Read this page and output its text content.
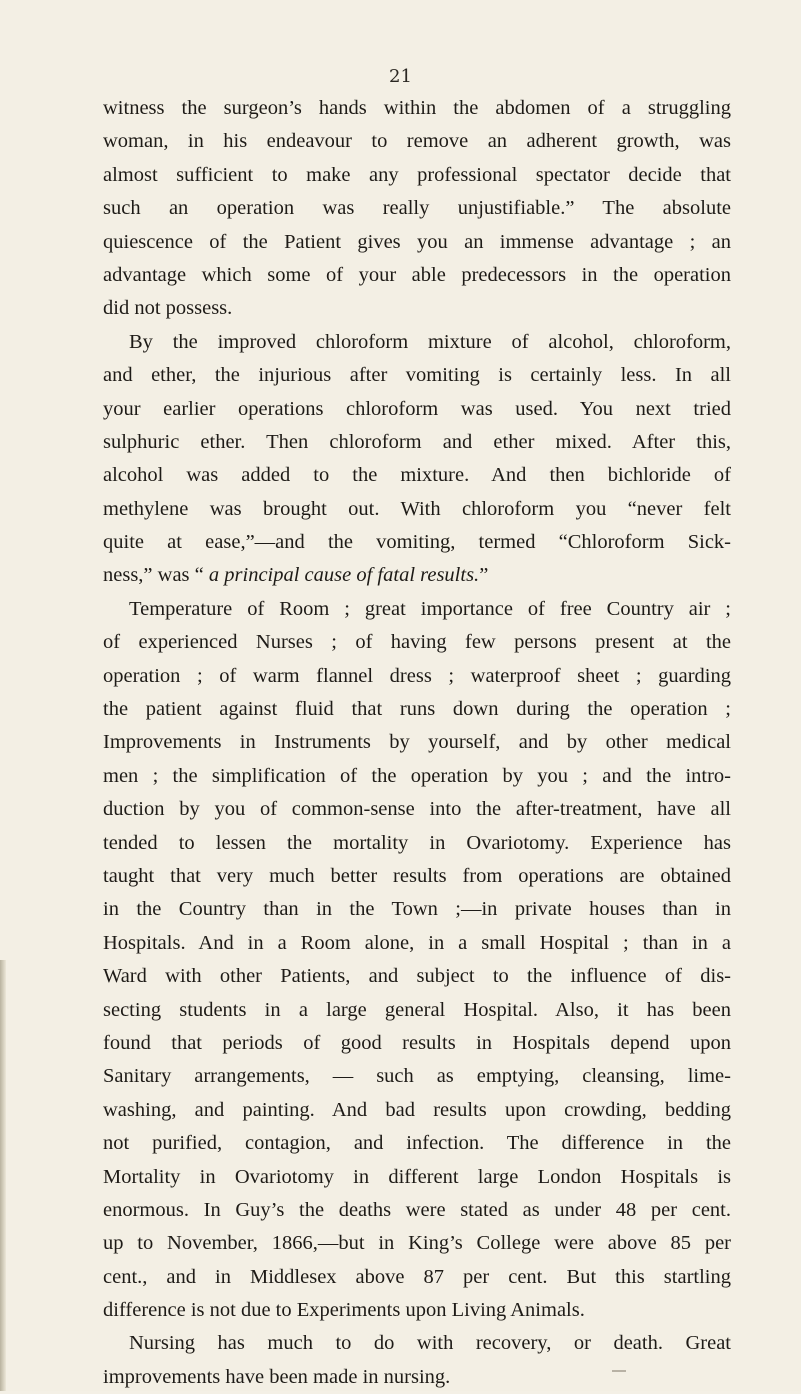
21
witness the surgeon’s hands within the abdomen of a struggling
woman, in his endeavour to remove an adherent growth, was
almost sufficient to make any professional spectator decide that
such an operation was really unjustifiable.” The absolute
quiescence of the Patient gives you an immense advantage ; an
advantage which some of your able predecessors in the operation
did not possess.
By the improved chloroform mixture of alcohol, chloroform,
and ether, the injurious after vomiting is certainly less. In all
your earlier operations chloroform was used. You next tried
sulphuric ether. Then chloroform and ether mixed. After this,
alcohol was added to the mixture. And then bichloride of
methylene was brought out. With chloroform you “never felt
quite at ease,”—and the vomiting, termed “Chloroform Sick-
ness,” was “ a principal cause of fatal results.”
Temperature of Room ; great importance of free Country air ;
of experienced Nurses ; of having few persons present at the
operation ; of warm flannel dress ; waterproof sheet ; guarding
the patient against fluid that runs down during the operation ;
Improvements in Instruments by yourself, and by other medical
men ; the simplification of the operation by you ; and the intro-
duction by you of common-sense into the after-treatment, have all
tended to lessen the mortality in Ovariotomy. Experience has
taught that very much better results from operations are obtained
in the Country than in the Town ;—in private houses than in
Hospitals. And in a Room alone, in a small Hospital ; than in a
Ward with other Patients, and subject to the influence of dis-
secting students in a large general Hospital. Also, it has been
found that periods of good results in Hospitals depend upon
Sanitary arrangements, — such as emptying, cleansing, lime-
washing, and painting. And bad results upon crowding, bedding
not purified, contagion, and infection. The difference in the
Mortality in Ovariotomy in different large London Hospitals is
enormous. In Guy’s the deaths were stated as under 48 per cent.
up to November, 1866,—but in King’s College were above 85 per
cent., and in Middlesex above 87 per cent. But this startling
difference is not due to Experiments upon Living Animals.
Nursing has much to do with recovery, or death. Great
improvements have been made in nursing.
